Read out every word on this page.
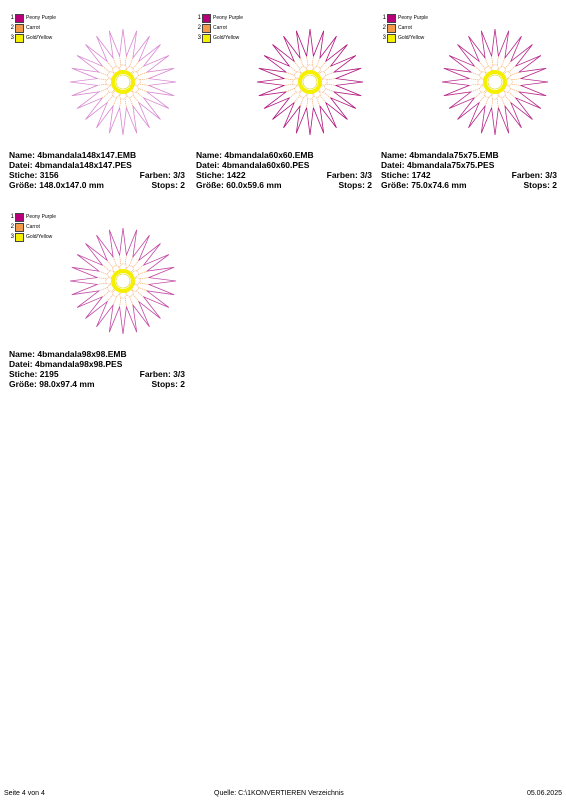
1 Peony Purple
2 Carrot
3 Gold/Yellow
Name: 4bmandala148x147.EMB
Datei: 4bmandala148x147.PES
Stiche: 3156	Farben: 3/3
Größe: 148.0x147.0 mm	Stops: 2
1 Peony Purple
2 Carrot
3 Gold/Yellow
Name: 4bmandala60x60.EMB
Datei: 4bmandala60x60.PES
Stiche: 1422	Farben: 3/3
Größe: 60.0x59.6 mm	Stops: 2
1 Peony Purple
2 Carrot
3 Gold/Yellow
Name: 4bmandala75x75.EMB
Datei: 4bmandala75x75.PES
Stiche: 1742	Farben: 3/3
Größe: 75.0x74.6 mm	Stops: 2
1 Peony Purple
2 Carrot
3 Gold/Yellow
Name: 4bmandala98x98.EMB
Datei: 4bmandala98x98.PES
Stiche: 2195	Farben: 3/3
Größe: 98.0x97.4 mm	Stops: 2
Seite 4 von 4	Quelle: C:\1KONVERTIEREN Verzeichnis	05.06.2025
